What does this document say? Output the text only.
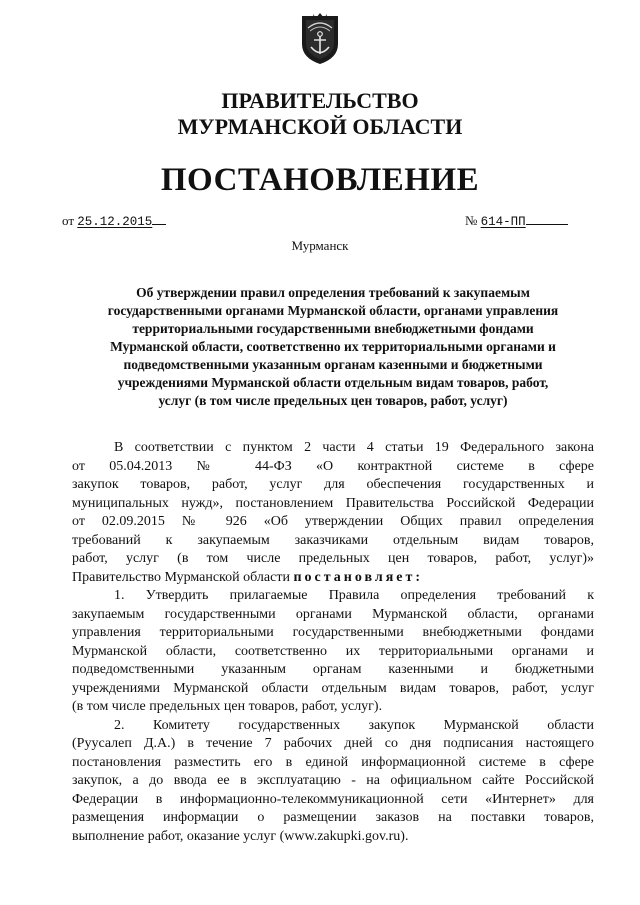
ПРАВИТЕЛЬСТВО
МУРМАНСКОЙ ОБЛАСТИ
ПОСТАНОВЛЕНИЕ
от 25.12.2015	№ 614-ПП
Мурманск
Об утверждении правил определения требований к закупаемым
государственными органами Мурманской области, органами управления
территориальными государственными внебюджетными фондами
Мурманской области, соответственно их территориальными органами и
подведомственными указанным органам казенными и бюджетными
учреждениями Мурманской области отдельным видам товаров, работ,
услуг (в том числе предельных цен товаров, работ, услуг)
В соответствии с пунктом 2 части 4 статьи 19 Федерального закона
от 05.04.2013 № 44-ФЗ «О контрактной системе в сфере
закупок товаров, работ, услуг для обеспечения государственных и
муниципальных нужд», постановлением Правительства Российской Федерации
от 02.09.2015 № 926 «Об утверждении Общих правил определения
требований к закупаемым заказчиками отдельным видам товаров,
работ, услуг (в том числе предельных цен товаров, работ, услуг)»
Правительство Мурманской области постановляет:
1. Утвердить прилагаемые Правила определения требований к
закупаемым государственными органами Мурманской области, органами
управления территориальными государственными внебюджетными фондами
Мурманской области, соответственно их территориальными органами и
подведомственными указанным органам казенными и бюджетными
учреждениями Мурманской области отдельным видам товаров, работ, услуг
(в том числе предельных цен товаров, работ, услуг).
2. Комитету государственных закупок Мурманской области
(Руусалеп Д.А.) в течение 7 рабочих дней со дня подписания настоящего
постановления разместить его в единой информационной системе в сфере
закупок, а до ввода ее в эксплуатацию - на официальном сайте Российской
Федерации в информационно-телекоммуникационной сети «Интернет» для
размещения информации о размещении заказов на поставки товаров,
выполнение работ, оказание услуг (www.zakupki.gov.ru).
